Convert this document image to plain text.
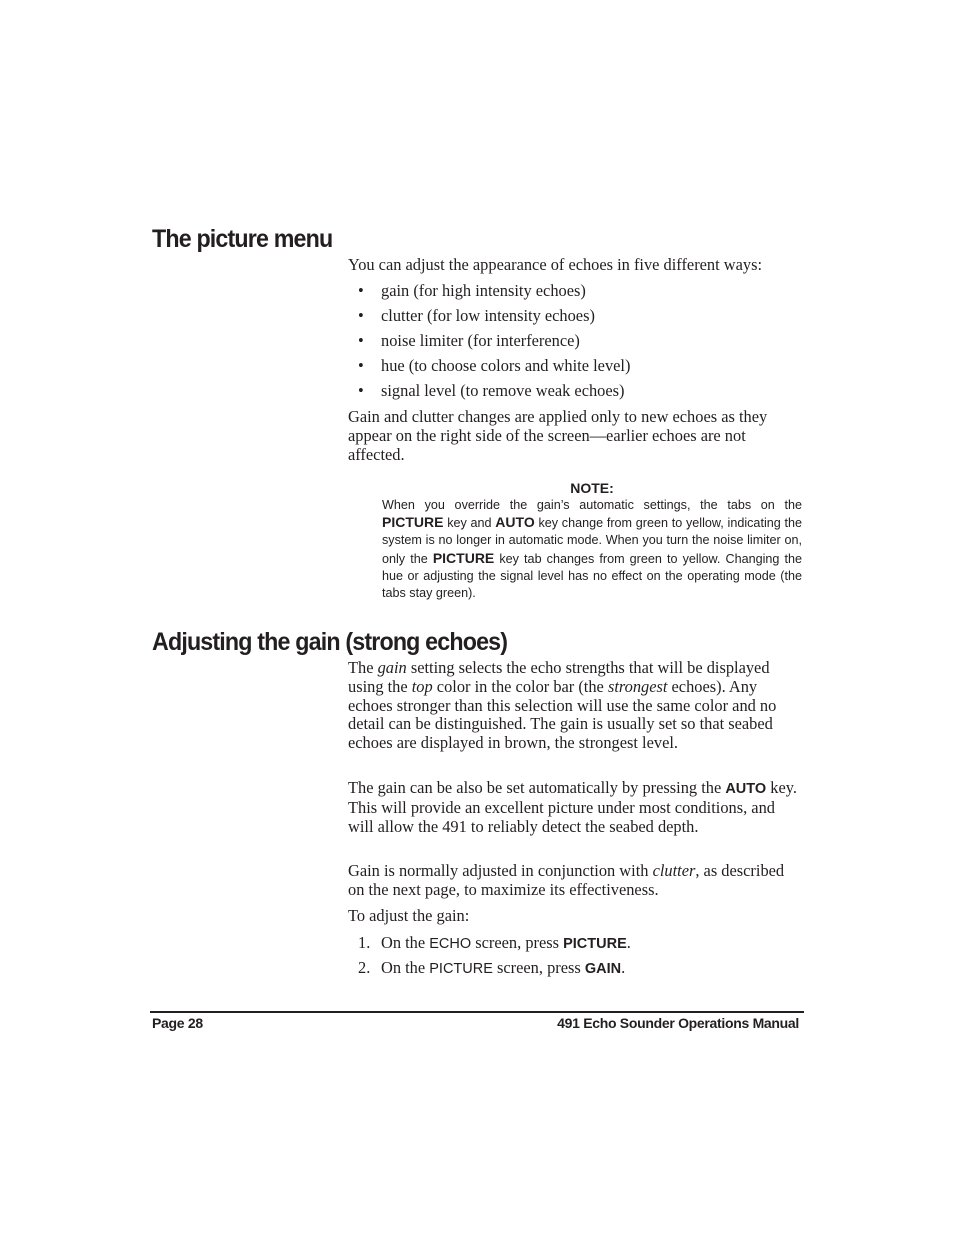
The picture menu

You can adjust the appearance of echoes in five different ways:

•	gain (for high intensity echoes)
•	clutter (for low intensity echoes)
•	noise limiter (for interference)
•	hue (to choose colors and white level)
•	signal level (to remove weak echoes)

Gain and clutter changes are applied only to new echoes as they appear on the right side of the screen—earlier echoes are not affected.

NOTE:

When you override the gain’s automatic settings, the tabs on the PICTURE key and AUTO key change from green to yellow, indicating the system is no longer in automatic mode. When you turn the noise limiter on, only the PICTURE key tab changes from green to yellow. Changing the hue or adjusting the signal level has no effect on the operating mode (the tabs stay green).

Adjusting the gain (strong echoes)

The gain setting selects the echo strengths that will be displayed using the top color in the color bar (the strongest echoes). Any echoes stronger than this selection will use the same color and no detail can be distinguished. The gain is usually set so that seabed echoes are displayed in brown, the strongest level.

The gain can be also be set automatically by pressing the AUTO key. This will provide an excellent picture under most conditions, and will allow the 491 to reliably detect the seabed depth.

Gain is normally adjusted in conjunction with clutter, as described on the next page, to maximize its effectiveness.

To adjust the gain:

1. On the ECHO screen, press PICTURE.
2. On the PICTURE screen, press GAIN.
Page 28	491 Echo Sounder Operations Manual
